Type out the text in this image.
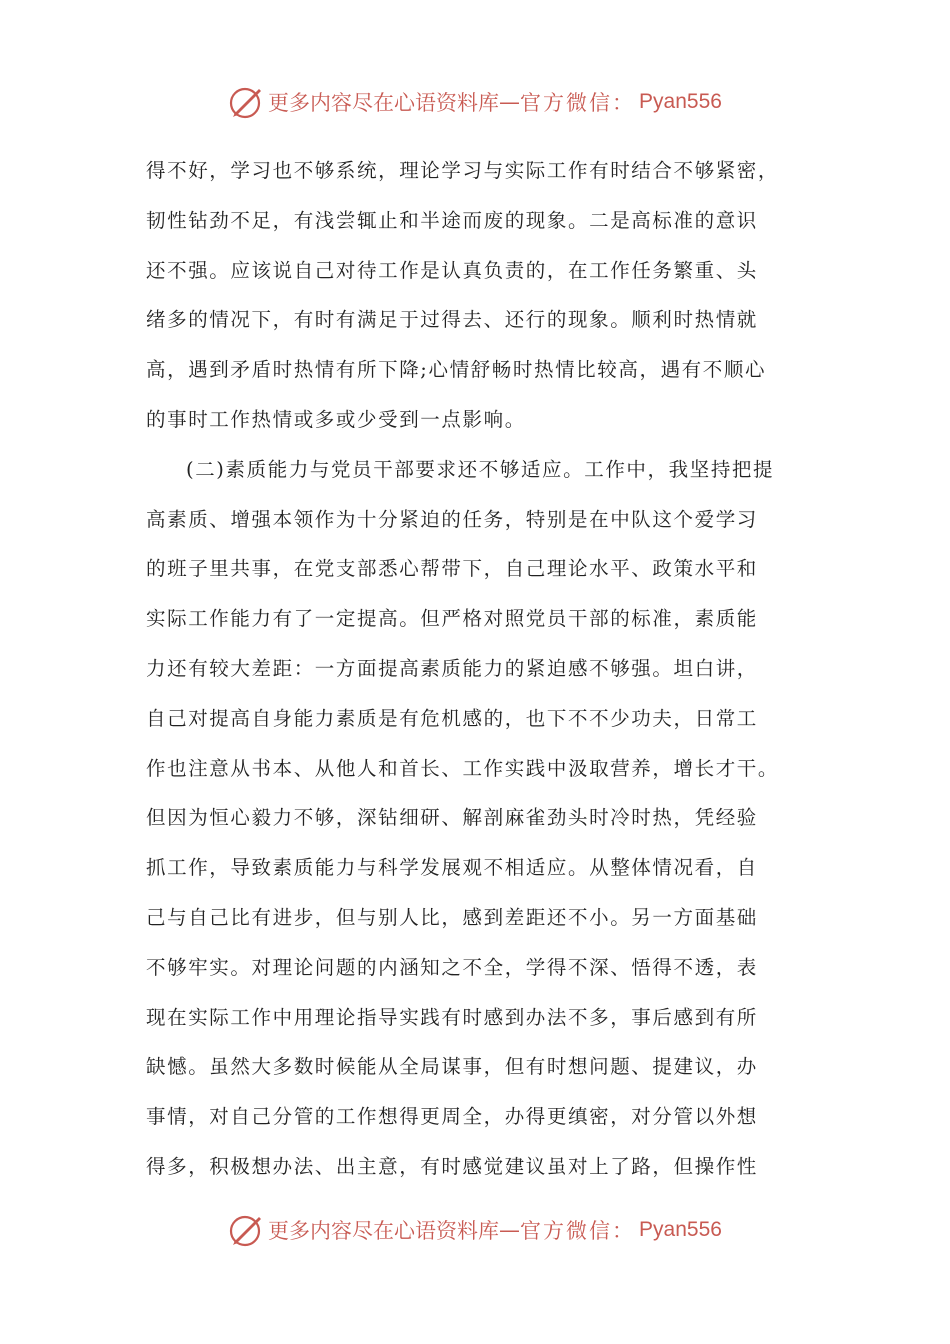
更多内容尽在心语资料库 — 官方微信： Pyan556

得不好，学习也不够系统，理论学习与实际工作有时结合不够紧密，
韧性钻劲不足，有浅尝辄止和半途而废的现象。二是高标准的意识
还不强。应该说自己对待工作是认真负责的，在工作任务繁重、头
绪多的情况下，有时有满足于过得去、还行的现象。顺利时热情就
高，遇到矛盾时热情有所下降;心情舒畅时热情比较高，遇有不顺心
的事时工作热情或多或少受到一点影响。

(二)素质能力与党员干部要求还不够适应。工作中，我坚持把提
高素质、增强本领作为十分紧迫的任务，特别是在中队这个爱学习
的班子里共事，在党支部悉心帮带下，自己理论水平、政策水平和
实际工作能力有了一定提高。但严格对照党员干部的标准，素质能
力还有较大差距：一方面提高素质能力的紧迫感不够强。坦白讲，
自己对提高自身能力素质是有危机感的，也下不不少功夫，日常工
作也注意从书本、从他人和首长、工作实践中汲取营养，增长才干。
但因为恒心毅力不够，深钻细研、解剖麻雀劲头时冷时热，凭经验
抓工作，导致素质能力与科学发展观不相适应。从整体情况看，自
己与自己比有进步，但与别人比，感到差距还不小。另一方面基础
不够牢实。对理论问题的内涵知之不全，学得不深、悟得不透，表
现在实际工作中用理论指导实践有时感到办法不多，事后感到有所
缺憾。虽然大多数时候能从全局谋事，但有时想问题、提建议，办
事情，对自己分管的工作想得更周全，办得更缜密，对分管以外想
得多，积极想办法、出主意，有时感觉建议虽对上了路，但操作性

更多内容尽在心语资料库 — 官方微信： Pyan556
